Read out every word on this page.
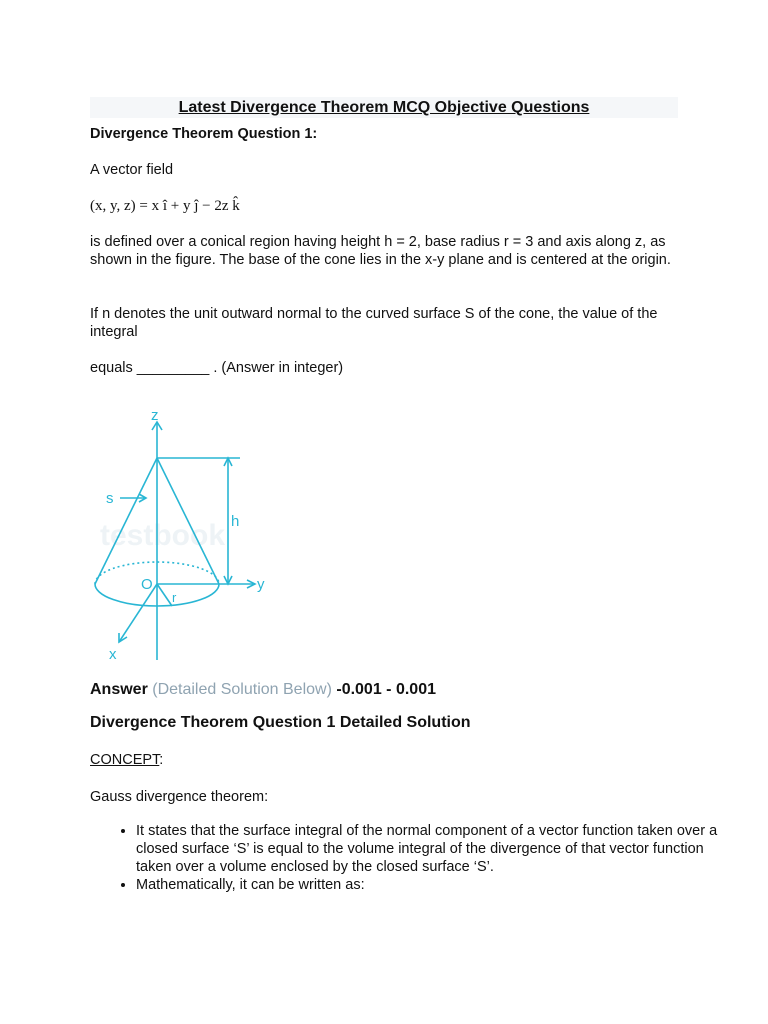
Latest Divergence Theorem MCQ Objective Questions
Divergence Theorem Question 1:
A vector field
(x, y, z) = x î + y ĵ − 2z k̂
is defined over a conical region having height h = 2, base radius r = 3 and axis along z, as shown in the figure. The base of the cone lies in the x-y plane and is centered at the origin.
If n denotes the unit outward normal to the curved surface S of the cone, the value of the integral
equals _________ . (Answer in integer)
testbook
z
s
h
O	y
r
x
Answer (Detailed Solution Below) -0.001 - 0.001
Divergence Theorem Question 1 Detailed Solution
CONCEPT:
Gauss divergence theorem:
• It states that the surface integral of the normal component of a vector function taken over a closed surface ‘S’ is equal to the volume integral of the divergence of that vector function taken over a volume enclosed by the closed surface ‘S’.
• Mathematically, it can be written as:
